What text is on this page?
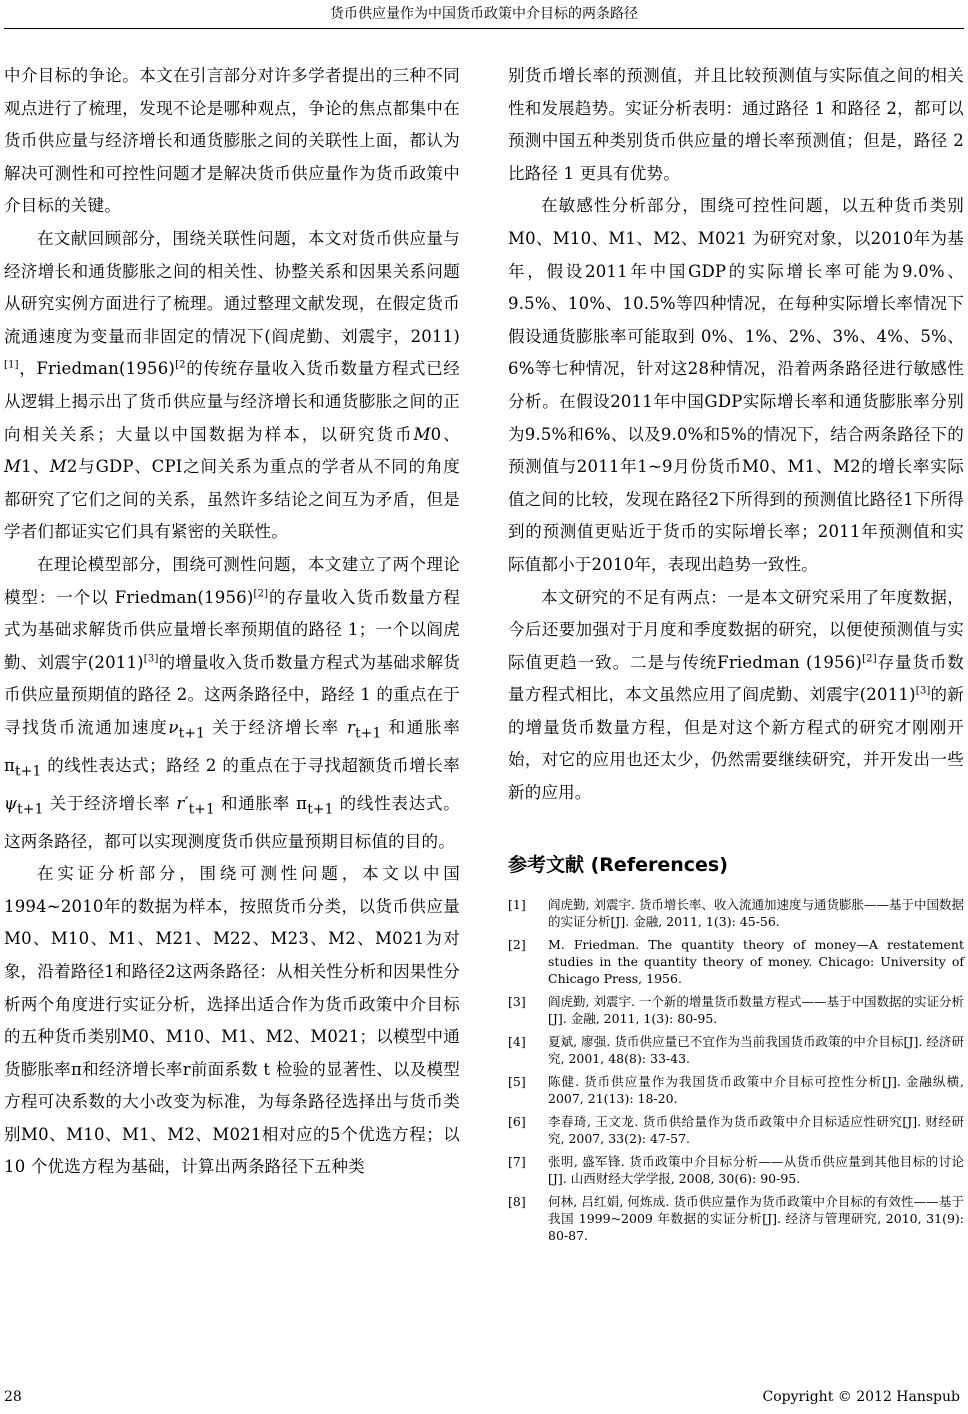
货币供应量作为中国货币政策中介目标的两条路径

中介目标的争论。本文在引言部分对许多学者提出的三种不同观点进行了梳理，发现不论是哪种观点，争论的焦点都集中在货币供应量与经济增长和通货膨胀之间的关联性上面，都认为解决可测性和可控性问题才是解决货币供应量作为货币政策中介目标的关键。

在文献回顾部分，围绕关联性问题，本文对货币供应量与经济增长和通货膨胀之间的相关性、协整关系和因果关系问题从研究实例方面进行了梳理。通过整理文献发现，在假定货币流通速度为变量而非固定的情况下(阎虎勤、刘震宇，2011)[1]，$Friedman(1956)^{[2}$的传统存量收入货币数量方程式已经从逻辑上揭示出了货币供应量与经济增长和通货膨胀之间的正向相关关系；大量以中国数据为样本，以研究货币M0、M1、M2与GDP、CPI之间关系为重点的学者从不同的角度都研究了它们之间的关系，虽然许多结论之间互为矛盾，但是学者们都证实它们具有紧密的关联性。

在理论模型部分，围绕可测性问题，本文建立了两个理论模型：一个以 Friedman(1956)[2]的存量收入货币数量方程式为基础求解货币供应量增长率预期值的路径 1；一个以阎虎勤、刘震宇(2011)[3]的增量收入货币数量方程式为基础求解货币供应量预期值的路径 2。这两条路径中，路经 1 的重点在于寻找货币流通加速度$\nu_{t+1}$ 关于经济增长率 $r_{t+1}$ 和通胀率 $\pi_{t+1}$ 的线性表达式；路经 2 的重点在于寻找超额货币增长率$\psi_{t+1}$ 关于经济增长率 $r'_{t+1}$ 和通胀率 $\pi_{t+1}$ 的线性表达式。这两条路径，都可以实现测度货币供应量预期目标值的目的。

在实证分析部分，围绕可测性问题，本文以中国1994~2010年的数据为样本，按照货币分类，以货币供应量M0、M10、M1、M21、M22、M23、M2、M021为对象，沿着路径1和路径2这两条路径：从相关性分析和因果性分析两个角度进行实证分析，选择出适合作为货币政策中介目标的五种货币类别M0、M10、M1、M2、M021；以模型中通货膨胀率π和经济增长率r前面系数 t 检验的显著性、以及模型方程可决系数的大小改变为标准，为每条路径选择出与货币类别M0、M10、M1、M2、M021相对应的5个优选方程；以 10 个优选方程为基础，计算出两条路径下五种类

别货币增长率的预测值，并且比较预测值与实际值之间的相关性和发展趋势。实证分析表明：通过路径 1 和路径 2，都可以预测中国五种类别货币供应量的增长率预测值；但是，路径 2 比路径 1 更具有优势。

在敏感性分析部分，围绕可控性问题，以五种货币类别 M0、M10、M1、M2、M021 为研究对象，以2010年为基年，假设2011年中国GDP的实际增长率可能为9.0%、9.5%、10%、10.5%等四种情况，在每种实际增长率情况下假设通货膨胀率可能取到 0%、1%、2%、3%、4%、5%、6%等七种情况，针对这28种情况，沿着两条路径进行敏感性分析。在假设2011年中国GDP实际增长率和通货膨胀率分别为9.5%和6%、以及9.0%和5%的情况下，结合两条路径下的预测值与2011年1~9月份货币M0、M1、M2的增长率实际值之间的比较，发现在路径2下所得到的预测值比路径1下所得到的预测值更贴近于货币的实际增长率；2011年预测值和实际值都小于2010年，表现出趋势一致性。

本文研究的不足有两点：一是本文研究采用了年度数据，今后还要加强对于月度和季度数据的研究，以便使预测值与实际值更趋一致。二是与传统Friedman (1956)[2]存量货币数量方程式相比，本文虽然应用了阎虎勤、刘震宇(2011)[3]的新的增量货币数量方程，但是对这个新方程式的研究才刚刚开始，对它的应用也还太少，仍然需要继续研究，并开发出一些新的应用。

参考文献 (References)
[1]	阎虎勤, 刘震宇. 货币增长率、收入流通加速度与通货膨胀——基于中国数据的实证分析[J]. 金融, 2011, 1(3): 45-56.
[2]	M. Friedman. The quantity theory of money—A restatement studies in the quantity theory of money. Chicago: University of Chicago Press, 1956.
[3]	阎虎勤, 刘震宇. 一个新的增量货币数量方程式——基于中国数据的实证分析[J]. 金融, 2011, 1(3): 80-95.
[4]	夏斌, 廖强. 货币供应量已不宜作为当前我国货币政策的中介目标[J]. 经济研究, 2001, 48(8): 33-43.
[5]	陈健. 货币供应量作为我国货币政策中介目标可控性分析[J]. 金融纵横, 2007, 21(13): 18-20.
[6]	李春琦, 王文龙. 货币供给量作为货币政策中介目标适应性研究[J]. 财经研究, 2007, 33(2): 47-57.
[7]	张明, 盛军锋. 货币政策中介目标分析——从货币供应量到其他目标的讨论[J]. 山西财经大学学报, 2008, 30(6): 90-95.
[8]	何林, 吕红娟, 何炼成. 货币供应量作为货币政策中介目标的有效性——基于我国 1999~2009 年数据的实证分析[J]. 经济与管理研究, 2010, 31(9): 80-87.
28	Copyright © 2012 Hanspub
